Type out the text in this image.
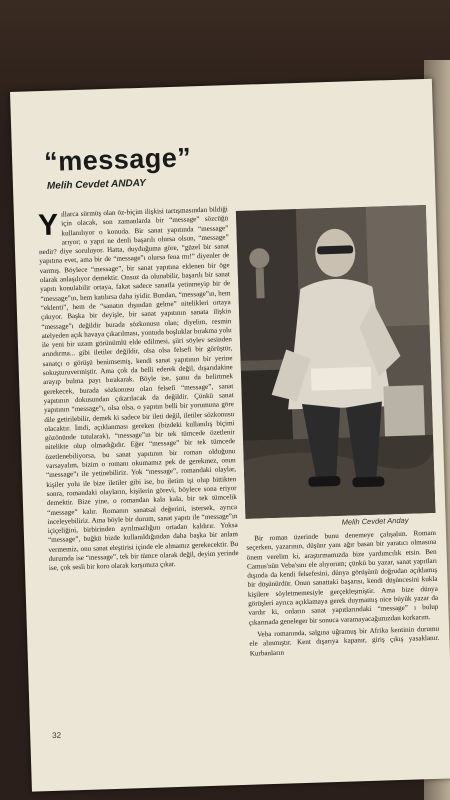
“message”
Melih Cevdet ANDAY
Y ıllarca sürmüş olan öz-biçim ilişkisi tartışmasından bildiği için olacak, son zamanlarda bir “message” sözcüğü kullanılıyor o konuda. Bir sanat yapıtında “message” arıyor; o yapıt ne denli başarılı olursa olsun, “message” nedir? diye soruluyor. Hatta, duyduğuma göre, “güzel bir sanat yapıtına evet, ama bir de “message”ı olursa fena mı!” diyenler de varmış. Böylece “message”, bir sanat yapıtına eklenen bir öge olarak anlaşılıyor demektir. Onsuz da olunabilir, başarılı bir sanat yapıtı konulabilir ortaya, fakat sadece sanatla yetinmeyip bir de “message”ın, hem katılırsa daha iyidir. Bundan, “message”ın, hem “eklenti”, hem de “sanatın dışından gelme” nitelikleri ortaya çıkıyor. Başka bir deyişle, bir sanat yapıtının sanata ilişkin “message”ı değildir burada sözkonusu olan; diyelim, resmin atelyeden açık havaya çıkarılması, yontuda boşluklar bırakma yolu ile yeni bir uzam görünümlü elde edilmesi, şiiri söylev sesinden arındırma... gibi iletiler değildir, olsa olsa felsefi bir görüştür, sanatçı o görüşü benimsemiş, kendi sanat yapıtının bir yerine sokuşturuvermiştir. Ama çok da belli ederek değil, dışarıdakine arayıp bulma payı bırakarak. Böyle ise, şunu da belirtmek gerekecek, burada sözkonusu olan felsefi “message”, sanat yapıtının dokusundan çıkarılacak da değildir. Çünkü sanat yapıtının “message”ı, olsa olsa, o yapıtın belli bir yorumuna göre dile getirilebilir, demek ki sadece bir ileti değil, iletiler sözkonusu olacaktır. İmdi, açıklanması gereken (bizdeki kullanılış biçimi gözönünde tutularak), “message”ın bir tek tümcede özetlenir nitelikte olup olmadığıdır. Eğer “message” bir tek tümcede özetlenebiliyorsa, bu sanat yapıtının bir roman olduğunu varsayalım, bizim o romanı okumamız pek de gerekmez, onun “message”ı ile yetinebiliriz. Yok “message”, romandaki olaylar, kişiler yolu ile bize iletiler gibi ise, bu iletim işi olup bittikten sonra, romandaki olayların, kişilerin görevi, böylece sona eriyor demektir. Bize yine, o romandan kala kala, bir tek tümcelik “message” kalır. Romanın sanatsal değerini, istersek, ayrıca inceleyebiliriz. Ama böyle bir durum, sanat yapıtı ile “message”ın içiçeliğini, birbirinden ayrılmazlığını ortadan kaldırır. Yoksa “message”, buğkü bizde kullanıldığından daha başka bir anlam vermemiz, onu sanat eleştirisi içinde ele almamız gerekecektir. Bu durumda ise “message”, tek bir tümce olarak değil, deyim yerinde ise, çok sesli bir koro olarak karşımıza çıkar.

Melih Cevdet Anday

Bir roman üzerinde bunu denemeye çalışalım. Romanı seçerken, yazarının, düşünr yanı ağır basan bir yaratıcı olmasına önem verelim ki, araştırmamızda bize yardımcılık etsin. Ben Camus'nün Veba'sını ele alıyorum; çünkü bu yazar, sanat yapıtları dışında da kendi felsefesini, dünya görüşünü doğrudan açıklamış bir düşünürdür. Onun sanattaki başarısı, kendi düşüncesini kukla kişilere söyletmemesiyle gerçekleşmiştir. Ama bize dünya görüşleri ayrıca açıklamaya gerek duymamış nice büyük yazar da vardır ki, onların sanat yapıtlarındaki “message” ı bulup çıkarmada geneleger bir sonuca varamayacağımızdan korkarım.

Veba romanında, salgına uğramuş bir Afrika kentinin durumu ele alınmıştır. Kent dışarıya kapanır, giriş çıkış yasaklanır. Kurbanların

32
